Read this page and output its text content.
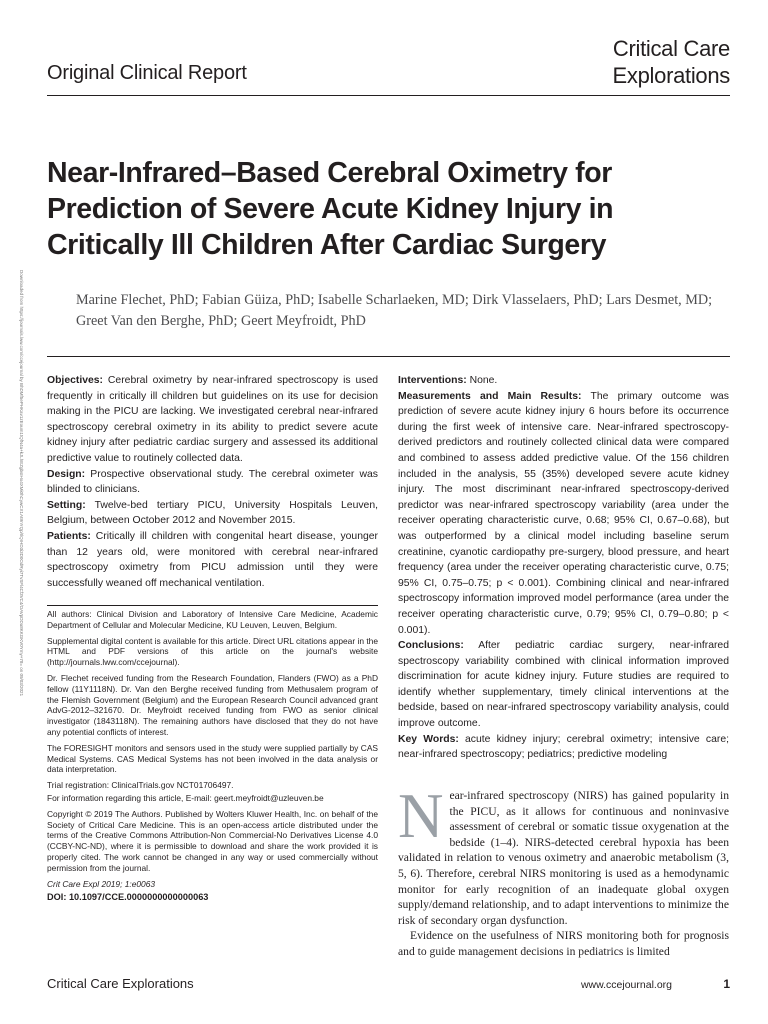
Original Clinical Report
Critical Care
Explorations
Downloaded from https://journals.lww.com/ccejournal by BhDMf5ePHKav1zEoum1tQfN4a+kJLhEZgbsIHo4XMi0hCywCX1AWnYQp/IlQrHD3i3D0OdRyi7TvSFl4Cf3VC4/OAVpDDa8KKGKV0Ymy+78= on 09/03/2021
Near-Infrared–Based Cerebral Oximetry for Prediction of Severe Acute Kidney Injury in Critically Ill Children After Cardiac Surgery
Marine Flechet, PhD; Fabian Güiza, PhD; Isabelle Scharlaeken, MD; Dirk Vlasselaers, PhD; Lars Desmet, MD; Greet Van den Berghe, PhD; Geert Meyfroidt, PhD

Objectives: Cerebral oximetry by near-infrared spectroscopy is used frequently in critically ill children but guidelines on its use for decision making in the PICU are lacking. We investigated cerebral near-infrared spectroscopy cerebral oximetry in its ability to predict severe acute kidney injury after pediatric cardiac surgery and assessed its additional predictive value to routinely collected data.

Design: Prospective observational study. The cerebral oximeter was blinded to clinicians.

Setting: Twelve-bed tertiary PICU, University Hospitals Leuven, Belgium, between October 2012 and November 2015.

Patients: Critically ill children with congenital heart disease, younger than 12 years old, were monitored with cerebral near-infrared spectroscopy oximetry from PICU admission until they were successfully weaned off mechanical ventilation.

Interventions: None.

Measurements and Main Results: The primary outcome was prediction of severe acute kidney injury 6 hours before its occurrence during the first week of intensive care. Near-infrared spectroscopy-derived predictors and routinely collected clinical data were compared and combined to assess added predictive value. Of the 156 children included in the analysis, 55 (35%) developed severe acute kidney injury. The most discriminant near-infrared spectroscopy-derived predictor was near-infrared spectroscopy variability (area under the receiver operating characteristic curve, 0.68; 95% CI, 0.67–0.68), but was outperformed by a clinical model including baseline serum creatinine, cyanotic cardiopathy pre-surgery, blood pressure, and heart frequency (area under the receiver operating characteristic curve, 0.75; 95% CI, 0.75–0.75; p < 0.001). Combining clinical and near-infrared spectroscopy information improved model performance (area under the receiver operating characteristic curve, 0.79; 95% CI, 0.79–0.80; p < 0.001).

Conclusions: After pediatric cardiac surgery, near-infrared spectroscopy variability combined with clinical information improved discrimination for acute kidney injury. Future studies are required to identify whether supplementary, timely clinical interventions at the bedside, based on near-infrared spectroscopy variability analysis, could improve outcome.

Key Words: acute kidney injury; cerebral oximetry; intensive care; near-infrared spectroscopy; pediatrics; predictive modeling

All authors: Clinical Division and Laboratory of Intensive Care Medicine, Academic Department of Cellular and Molecular Medicine, KU Leuven, Leuven, Belgium.

Supplemental digital content is available for this article. Direct URL citations appear in the HTML and PDF versions of this article on the journal's website (http://journals.lww.com/ccejournal).

Dr. Flechet received funding from the Research Foundation, Flanders (FWO) as a PhD fellow (11Y1118N). Dr. Van den Berghe received funding from Methusalem program of the Flemish Government (Belgium) and the European Research Council advanced grant AdvG-2012–321670. Dr. Meyfroidt received funding from FWO as senior clinical investigator (1843118N). The remaining authors have disclosed that they do not have any potential conflicts of interest.

The FORESIGHT monitors and sensors used in the study were supplied partially by CAS Medical Systems. CAS Medical Systems has not been involved in the data analysis or data interpretation.

Trial registration: ClinicalTrials.gov NCT01706497.

For information regarding this article, E-mail: geert.meyfroidt@uzleuven.be

Copyright © 2019 The Authors. Published by Wolters Kluwer Health, Inc. on behalf of the Society of Critical Care Medicine. This is an open-access article distributed under the terms of the Creative Commons Attribution-Non Commercial-No Derivatives License 4.0 (CCBY-NC-ND), where it is permissible to download and share the work provided it is properly cited. The work cannot be changed in any way or used commercially without permission from the journal.

Crit Care Expl 2019; 1:e0063

DOI: 10.1097/CCE.0000000000000063

Near-infrared spectroscopy (NIRS) has gained popularity in the PICU, as it allows for continuous and noninvasive assessment of cerebral or somatic tissue oxygenation at the bedside (1–4). NIRS-detected cerebral hypoxia has been validated in relation to venous oximetry and anaerobic metabolism (3, 5, 6). Therefore, cerebral NIRS monitoring is used as a hemodynamic monitor for early recognition of an inadequate global oxygen supply/demand relationship, and to adapt interventions to minimize the risk of secondary organ dysfunction.

Evidence on the usefulness of NIRS monitoring both for prognosis and to guide management decisions in pediatrics is limited

Critical Care Explorations	www.ccejournal.org	1
